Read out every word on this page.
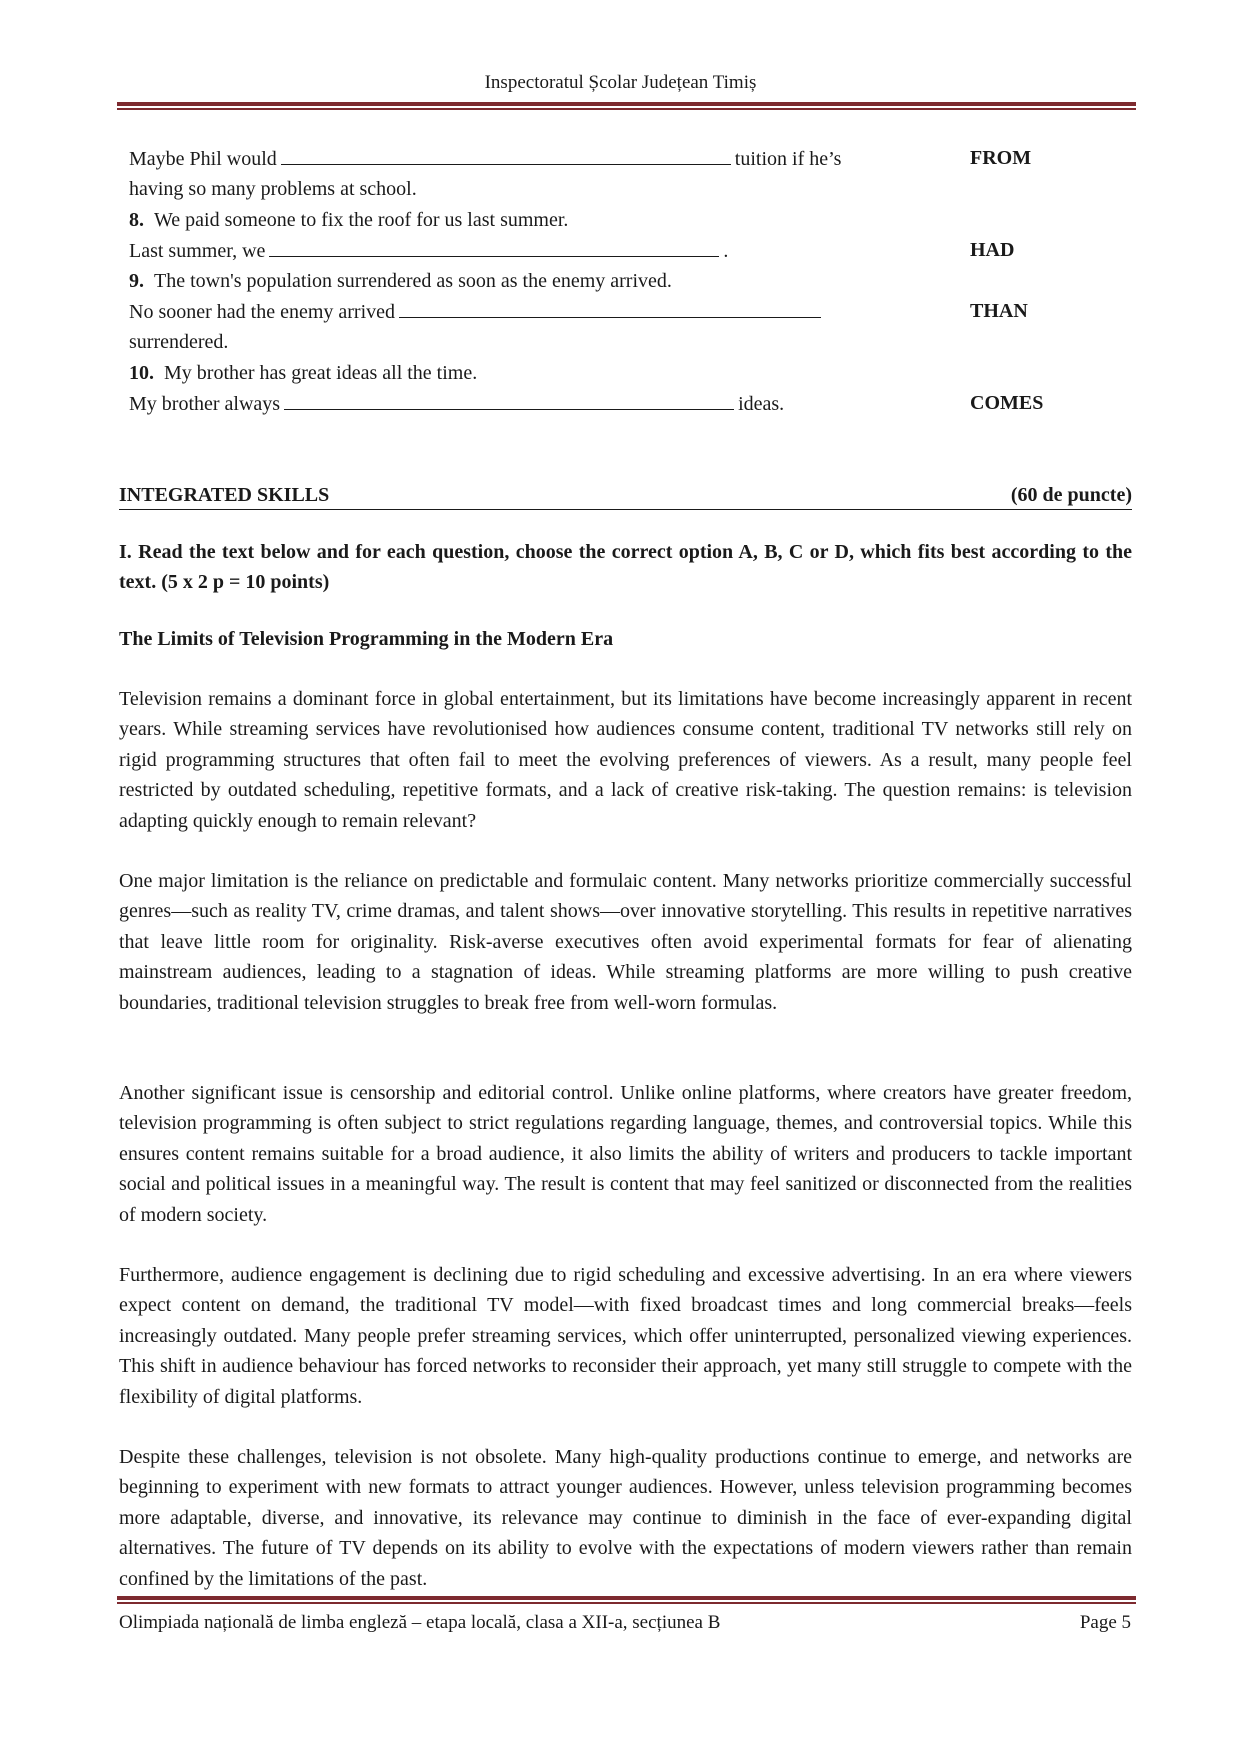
Inspectoratul Școlar Județean Timiș
Maybe Phil would	tuition if he’s	FROM
having so many problems at school.
8. We paid someone to fix the roof for us last summer.
Last summer, we	.	HAD
9. The town's population surrendered as soon as the enemy arrived.
No sooner had the enemy arrived	THAN
surrendered.
10. My brother has great ideas all the time.
My brother always	ideas.	COMES
INTEGRATED SKILLS	(60 de puncte)
I. Read the text below and for each question, choose the correct option A, B, C or D, which fits best according to the text. (5 x 2 p = 10 points)
The Limits of Television Programming in the Modern Era

Television remains a dominant force in global entertainment, but its limitations have become increasingly apparent in recent years. While streaming services have revolutionised how audiences consume content, traditional TV networks still rely on rigid programming structures that often fail to meet the evolving preferences of viewers. As a result, many people feel restricted by outdated scheduling, repetitive formats, and a lack of creative risk-taking. The question remains: is television adapting quickly enough to remain relevant?

One major limitation is the reliance on predictable and formulaic content. Many networks prioritize commercially successful genres—such as reality TV, crime dramas, and talent shows—over innovative storytelling. This results in repetitive narratives that leave little room for originality. Risk-averse executives often avoid experimental formats for fear of alienating mainstream audiences, leading to a stagnation of ideas. While streaming platforms are more willing to push creative boundaries, traditional television struggles to break free from well-worn formulas.

Another significant issue is censorship and editorial control. Unlike online platforms, where creators have greater freedom, television programming is often subject to strict regulations regarding language, themes, and controversial topics. While this ensures content remains suitable for a broad audience, it also limits the ability of writers and producers to tackle important social and political issues in a meaningful way. The result is content that may feel sanitized or disconnected from the realities of modern society.

Furthermore, audience engagement is declining due to rigid scheduling and excessive advertising. In an era where viewers expect content on demand, the traditional TV model—with fixed broadcast times and long commercial breaks—feels increasingly outdated. Many people prefer streaming services, which offer uninterrupted, personalized viewing experiences. This shift in audience behaviour has forced networks to reconsider their approach, yet many still struggle to compete with the flexibility of digital platforms.

Despite these challenges, television is not obsolete. Many high-quality productions continue to emerge, and networks are beginning to experiment with new formats to attract younger audiences. However, unless television programming becomes more adaptable, diverse, and innovative, its relevance may continue to diminish in the face of ever-expanding digital alternatives. The future of TV depends on its ability to evolve with the expectations of modern viewers rather than remain confined by the limitations of the past.

Olimpiada națională de limba engleză – etapa locală, clasa a XII-a, secțiunea B	Page 5
